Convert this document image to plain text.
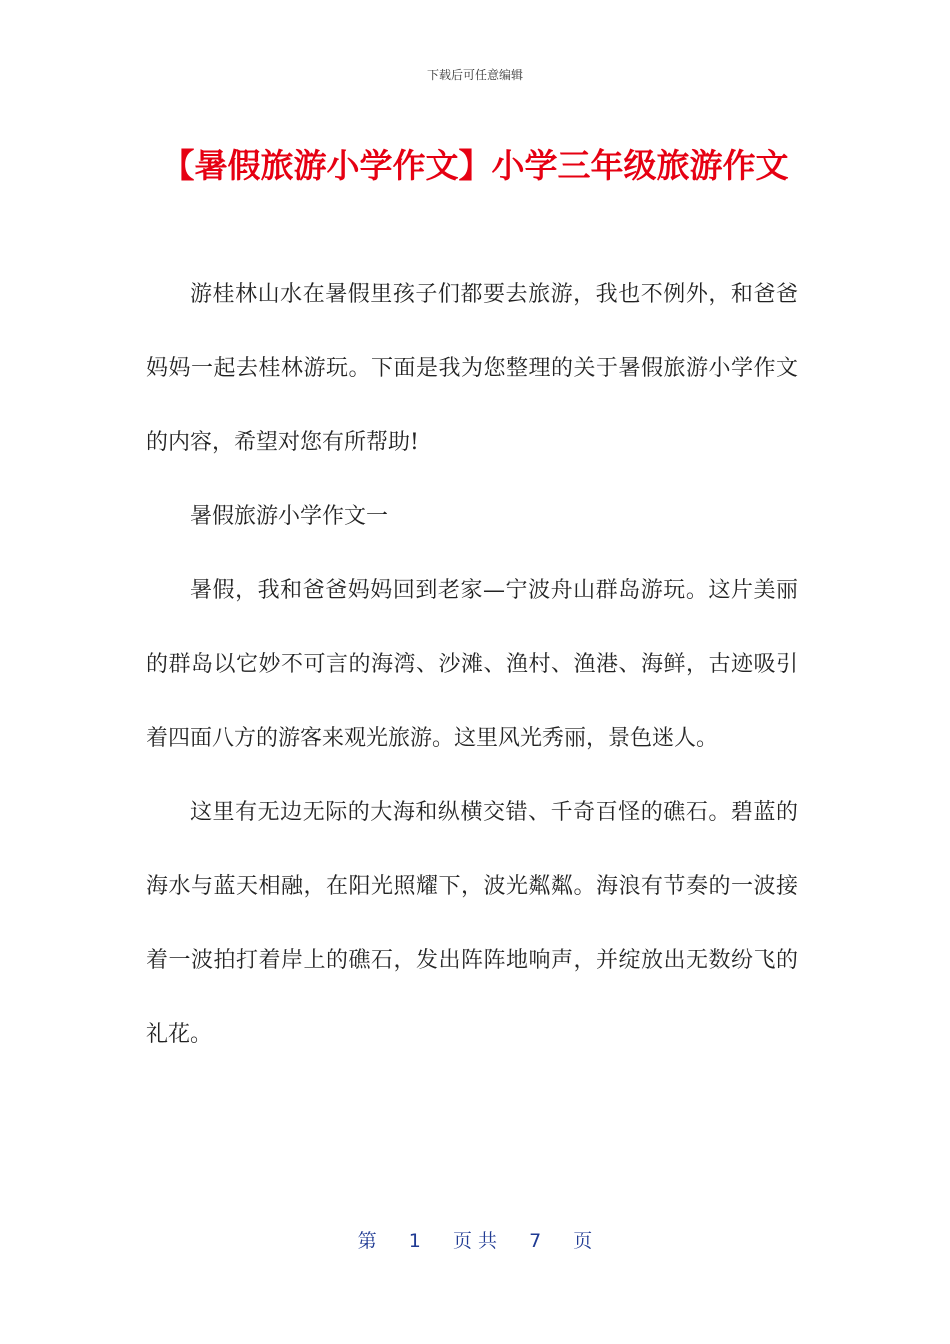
下载后可任意编辑
【暑假旅游小学作文】小学三年级旅游作文

游桂林山水在暑假里孩子们都要去旅游，我也不例外，和爸爸妈妈一起去桂林游玩。下面是我为您整理的关于暑假旅游小学作文的内容，希望对您有所帮助!

暑假旅游小学作文一

暑假，我和爸爸妈妈回到老家—宁波舟山群岛游玩。这片美丽的群岛以它妙不可言的海湾、沙滩、渔村、渔港、海鲜，古迹吸引着四面八方的游客来观光旅游。这里风光秀丽，景色迷人。

这里有无边无际的大海和纵横交错、千奇百怪的礁石。碧蓝的海水与蓝天相融，在阳光照耀下，波光粼粼。海浪有节奏的一波接着一波拍打着岸上的礁石，发出阵阵地响声，并绽放出无数纷飞的礼花。

第 1 页 共 7 页
